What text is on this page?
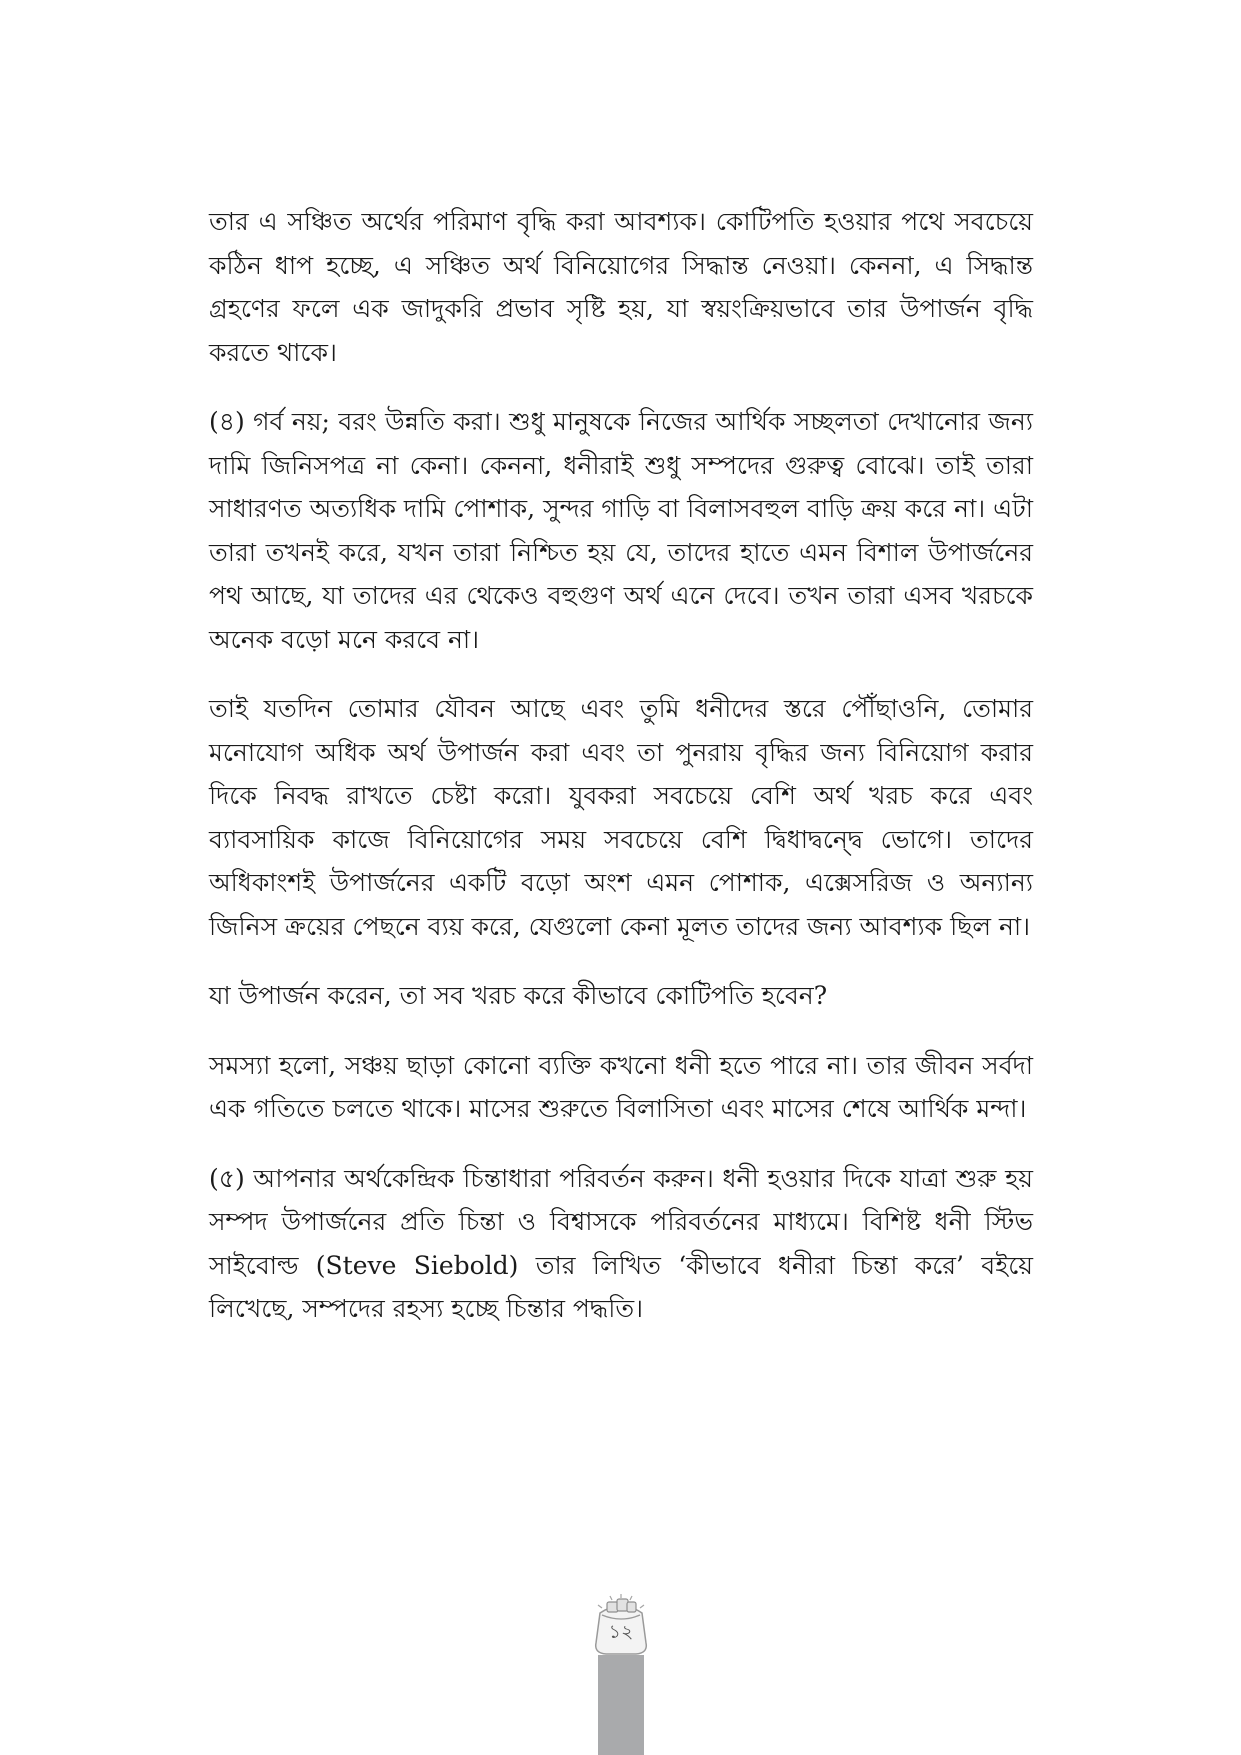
তার এ সঞ্চিত অর্থের পরিমাণ বৃদ্ধি করা আবশ্যক। কোটিপতি হওয়ার পথে সবচেয়ে কঠিন ধাপ হচ্ছে, এ সঞ্চিত অর্থ বিনিয়োগের সিদ্ধান্ত নেওয়া। কেননা, এ সিদ্ধান্ত গ্রহণের ফলে এক জাদুকরি প্রভাব সৃষ্টি হয়, যা স্বয়ংক্রিয়ভাবে তার উপার্জন বৃদ্ধি করতে থাকে।

(৪) গর্ব নয়; বরং উন্নতি করা। শুধু মানুষকে নিজের আর্থিক সচ্ছলতা দেখানোর জন্য দামি জিনিসপত্র না কেনা। কেননা, ধনীরাই শুধু সম্পদের গুরুত্ব বোঝে। তাই তারা সাধারণত অত্যধিক দামি পোশাক, সুন্দর গাড়ি বা বিলাসবহুল বাড়ি ক্রয় করে না। এটা তারা তখনই করে, যখন তারা নিশ্চিত হয় যে, তাদের হাতে এমন বিশাল উপার্জনের পথ আছে, যা তাদের এর থেকেও বহুগুণ অর্থ এনে দেবে। তখন তারা এসব খরচকে অনেক বড়ো মনে করবে না।

তাই যতদিন তোমার যৌবন আছে এবং তুমি ধনীদের স্তরে পৌঁছাওনি, তোমার মনোযোগ অধিক অর্থ উপার্জন করা এবং তা পুনরায় বৃদ্ধির জন্য বিনিয়োগ করার দিকে নিবদ্ধ রাখতে চেষ্টা করো। যুবকরা সবচেয়ে বেশি অর্থ খরচ করে এবং ব্যাবসায়িক কাজে বিনিয়োগের সময় সবচেয়ে বেশি দ্বিধাদ্বন্দ্বে ভোগে। তাদের অধিকাংশই উপার্জনের একটি বড়ো অংশ এমন পোশাক, এক্সেসরিজ ও অন্যান্য জিনিস ক্রয়ের পেছনে ব্যয় করে, যেগুলো কেনা মূলত তাদের জন্য আবশ্যক ছিল না।

যা উপার্জন করেন, তা সব খরচ করে কীভাবে কোটিপতি হবেন?

সমস্যা হলো, সঞ্চয় ছাড়া কোনো ব্যক্তি কখনো ধনী হতে পারে না। তার জীবন সর্বদা এক গতিতে চলতে থাকে। মাসের শুরুতে বিলাসিতা এবং মাসের শেষে আর্থিক মন্দা।

(৫) আপনার অর্থকেন্দ্রিক চিন্তাধারা পরিবর্তন করুন। ধনী হওয়ার দিকে যাত্রা শুরু হয় সম্পদ উপার্জনের প্রতি চিন্তা ও বিশ্বাসকে পরিবর্তনের মাধ্যমে। বিশিষ্ট ধনী স্টিভ সাইবোল্ড (Steve Siebold) তার লিখিত ‘কীভাবে ধনীরা চিন্তা করে’ বইয়ে লিখেছে, সম্পদের রহস্য হচ্ছে চিন্তার পদ্ধতি।

১২
